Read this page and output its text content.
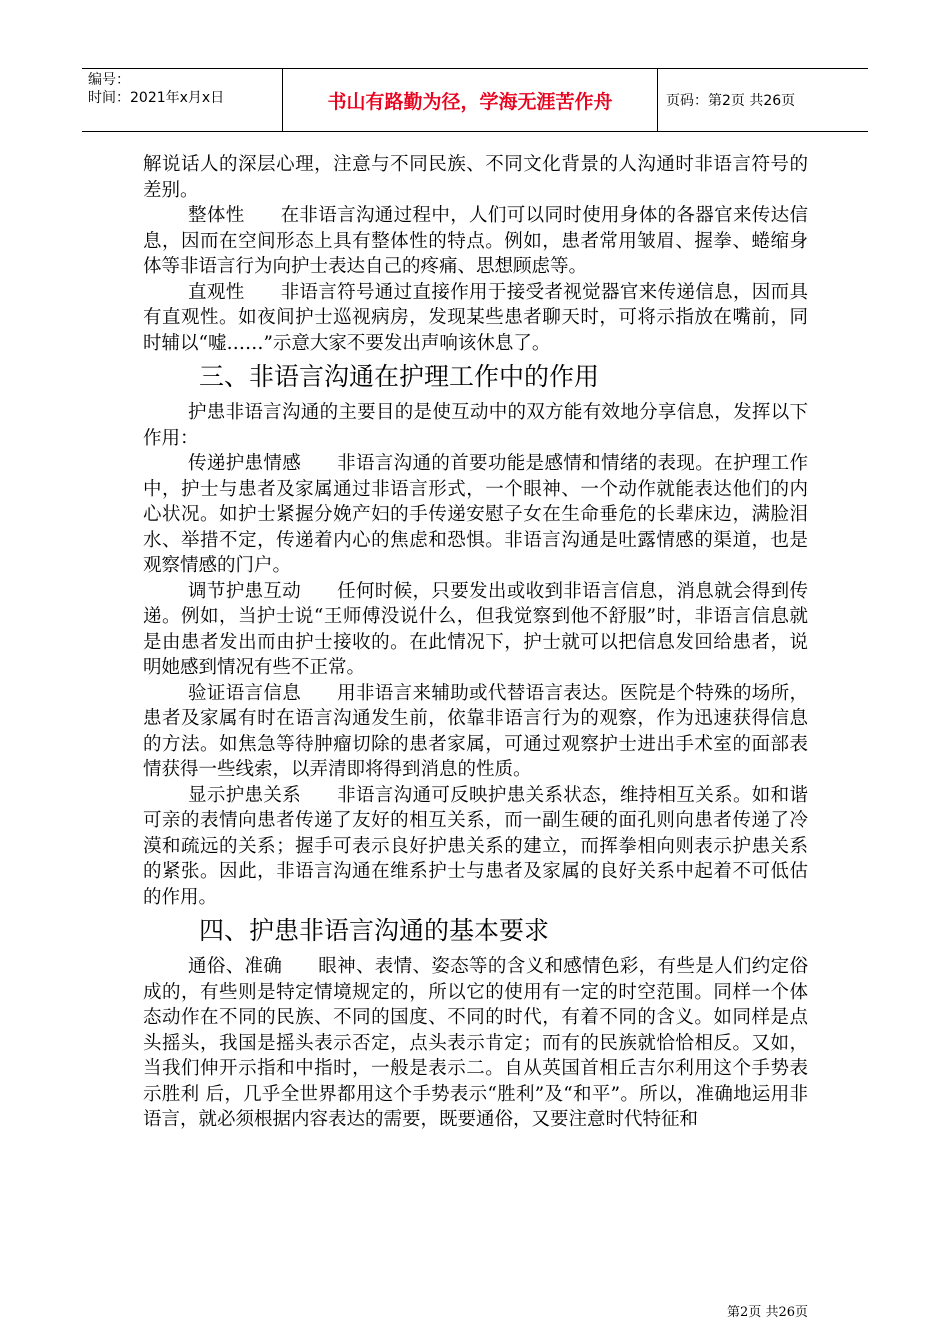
编号：
时间：2021年x月x日	书山有路勤为径，学海无涯苦作舟	页码：第2页 共26页

解说话人的深层心理，注意与不同民族、不同文化背景的人沟通时非语言符号的差别。

整体性 在非语言沟通过程中，人们可以同时使用身体的各器官来传达信息，因而在空间形态上具有整体性的特点。例如，患者常用皱眉、握拳、蜷缩身体等非语言行为向护士表达自己的疼痛、思想顾虑等。

直观性 非语言符号通过直接作用于接受者视觉器官来传递信息，因而具有直观性。如夜间护士巡视病房，发现某些患者聊天时，可将示指放在嘴前，同时辅以“嘘……”示意大家不要发出声响该休息了。

三、非语言沟通在护理工作中的作用

护患非语言沟通的主要目的是使互动中的双方能有效地分享信息，发挥以下作用：

传递护患情感 非语言沟通的首要功能是感情和情绪的表现。在护理工作中，护士与患者及家属通过非语言形式，一个眼神、一个动作就能表达他们的内心状况。如护士紧握分娩产妇的手传递安慰子女在生命垂危的长辈床边，满脸泪水、举措不定，传递着内心的焦虑和恐惧。非语言沟通是吐露情感的渠道，也是观察情感的门户。

调节护患互动 任何时候，只要发出或收到非语言信息，消息就会得到传递。例如，当护士说“王师傅没说什么，但我觉察到他不舒服”时，非语言信息就是由患者发出而由护士接收的。在此情况下，护士就可以把信息发回给患者，说明她感到情况有些不正常。

验证语言信息 用非语言来辅助或代替语言表达。医院是个特殊的场所，患者及家属有时在语言沟通发生前，依靠非语言行为的观察，作为迅速获得信息的方法。如焦急等待肿瘤切除的患者家属，可通过观察护士进出手术室的面部表情获得一些线索，以弄清即将得到消息的性质。

显示护患关系 非语言沟通可反映护患关系状态，维持相互关系。如和谐可亲的表情向患者传递了友好的相互关系，而一副生硬的面孔则向患者传递了冷漠和疏远的关系；握手可表示良好护患关系的建立，而挥拳相向则表示护患关系的紧张。因此，非语言沟通在维系护士与患者及家属的良好关系中起着不可低估的作用。

四、护患非语言沟通的基本要求

通俗、准确 眼神、表情、姿态等的含义和感情色彩，有些是人们约定俗成的，有些则是特定情境规定的，所以它的使用有一定的时空范围。同样一个体态动作在不同的民族、不同的国度、不同的时代，有着不同的含义。如同样是点头摇头，我国是摇头表示否定，点头表示肯定；而有的民族就恰恰相反。又如，当我们伸开示指和中指时，一般是表示二。自从英国首相丘吉尔利用这个手势表示胜利 后，几乎全世界都用这个手势表示“胜利”及“和平”。所以，准确地运用非语言，就必须根据内容表达的需要，既要通俗，又要注意时代特征和

第2页 共26页
